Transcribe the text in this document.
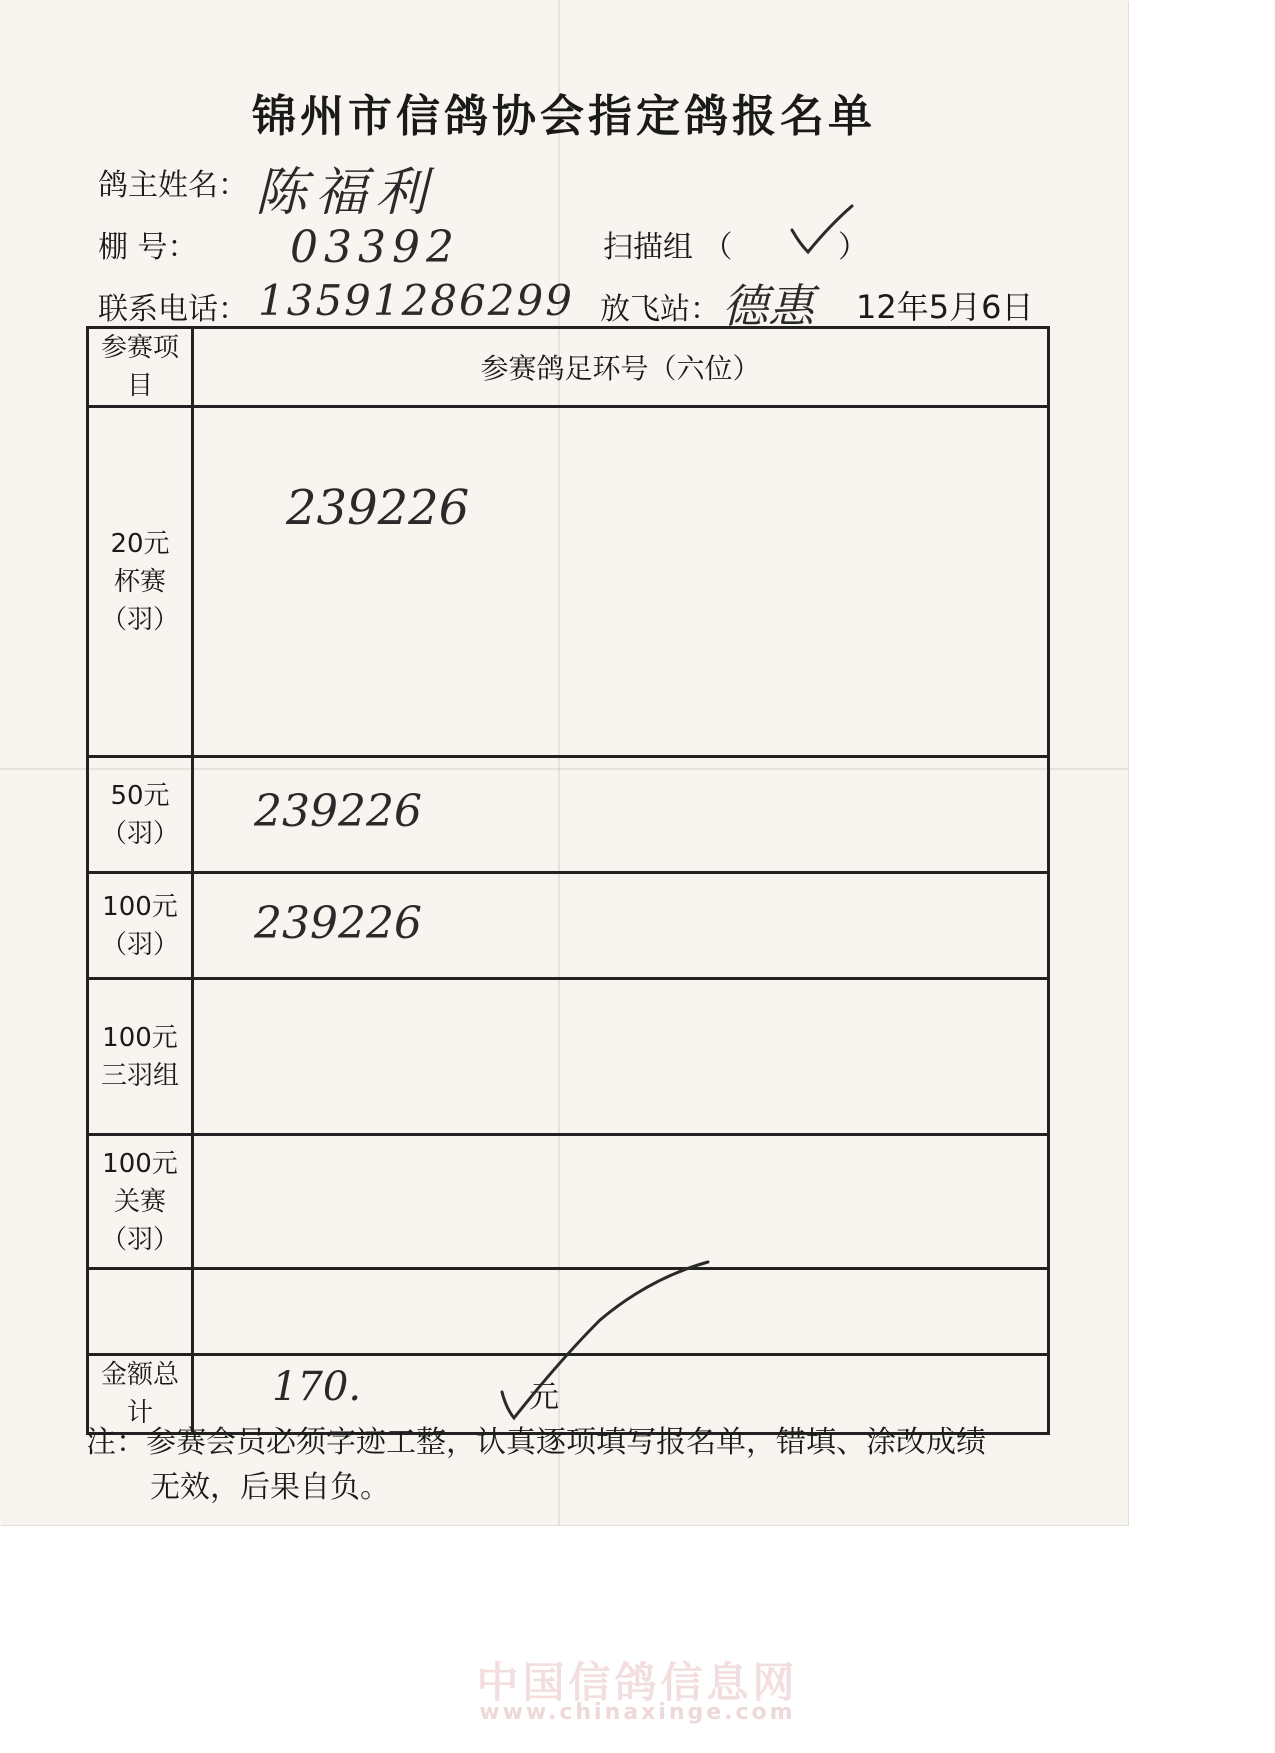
锦州市信鸽协会指定鸽报名单
鸽主姓名： 陈福利
棚 号： 03392	扫描组 （	）
联系电话： 13591286299 放飞站： 德惠 12年5月6日
参赛项目	参赛鸽足环号（六位）
20元
杯赛
（羽）	239226

50元
（羽）	239226

100元
（羽）	239226

100元
三羽组	
100元
关赛
（羽）	

金额总计	170. 元
注：参赛会员必须字迹工整，认真逐项填写报名单，错填、涂改成绩
无效，后果自负。
中国信鸽信息网
www.chinaxinge.com
